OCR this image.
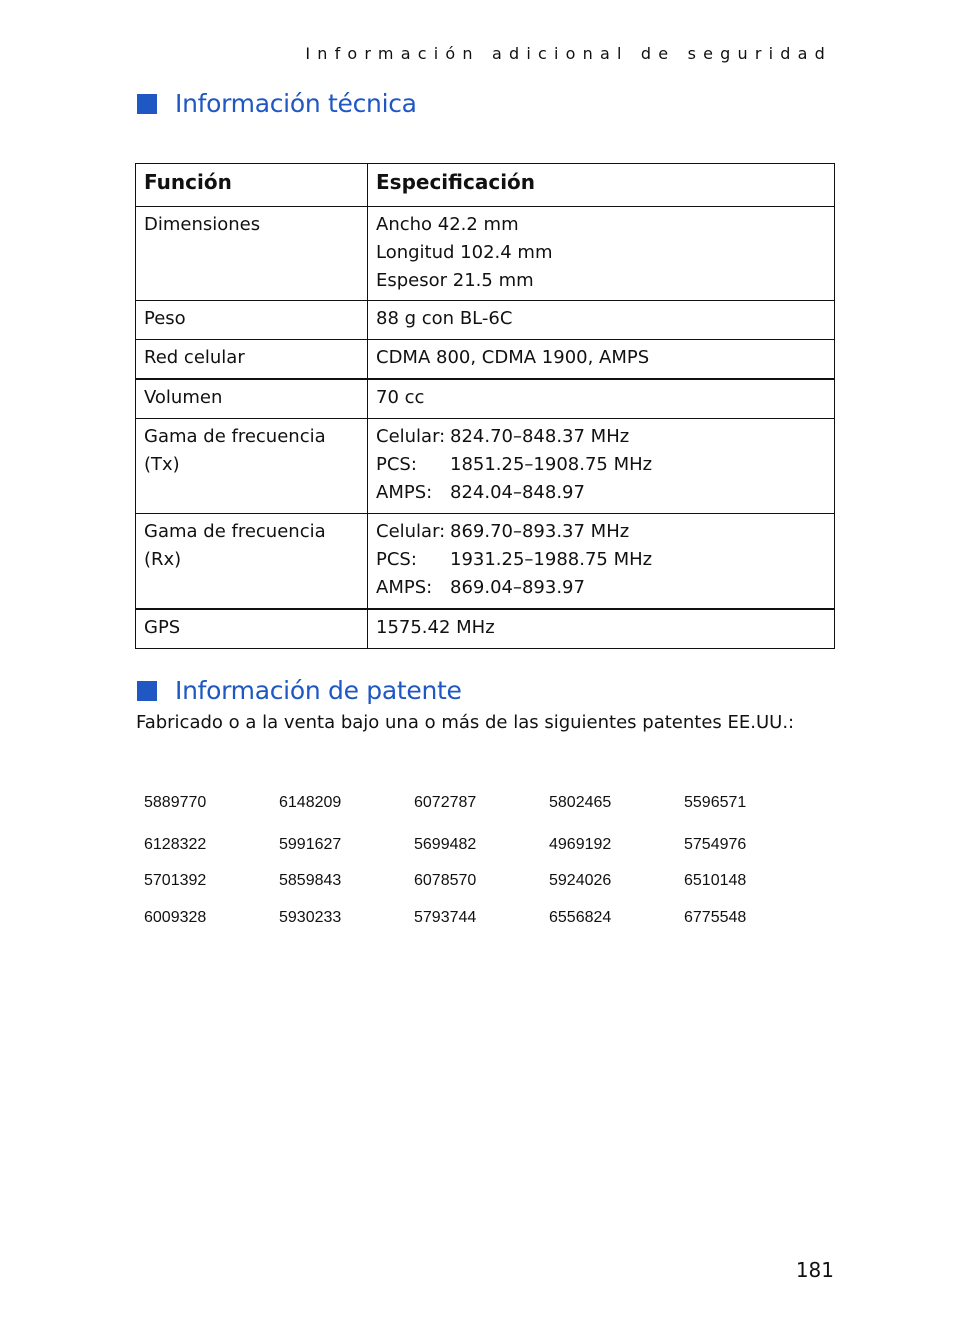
Información adicional de seguridad
Información técnica
Función	Especificación
Dimensiones	Ancho 42.2 mm
Longitud 102.4 mm
Espesor 21.5 mm

Peso	88 g con BL-6C

Red celular	CDMA 800, CDMA 1900, AMPS

Volumen	70 cc

Gama de frecuencia (Tx)	Celular: 824.70–848.37 MHz
PCS: 1851.25–1908.75 MHz
AMPS: 824.04–848.97

Gama de frecuencia (Rx)	Celular: 869.70–893.37 MHz
PCS: 1931.25–1988.75 MHz
AMPS: 869.04–893.97

GPS	1575.42 MHz
Información de patente
Fabricado o a la venta bajo una o más de las siguientes patentes EE.UU.:
5889770	6148209	6072787	5802465	5596571
6128322	5991627	5699482	4969192	5754976
5701392	5859843	6078570	5924026	6510148
6009328	5930233	5793744	6556824	6775548
181
